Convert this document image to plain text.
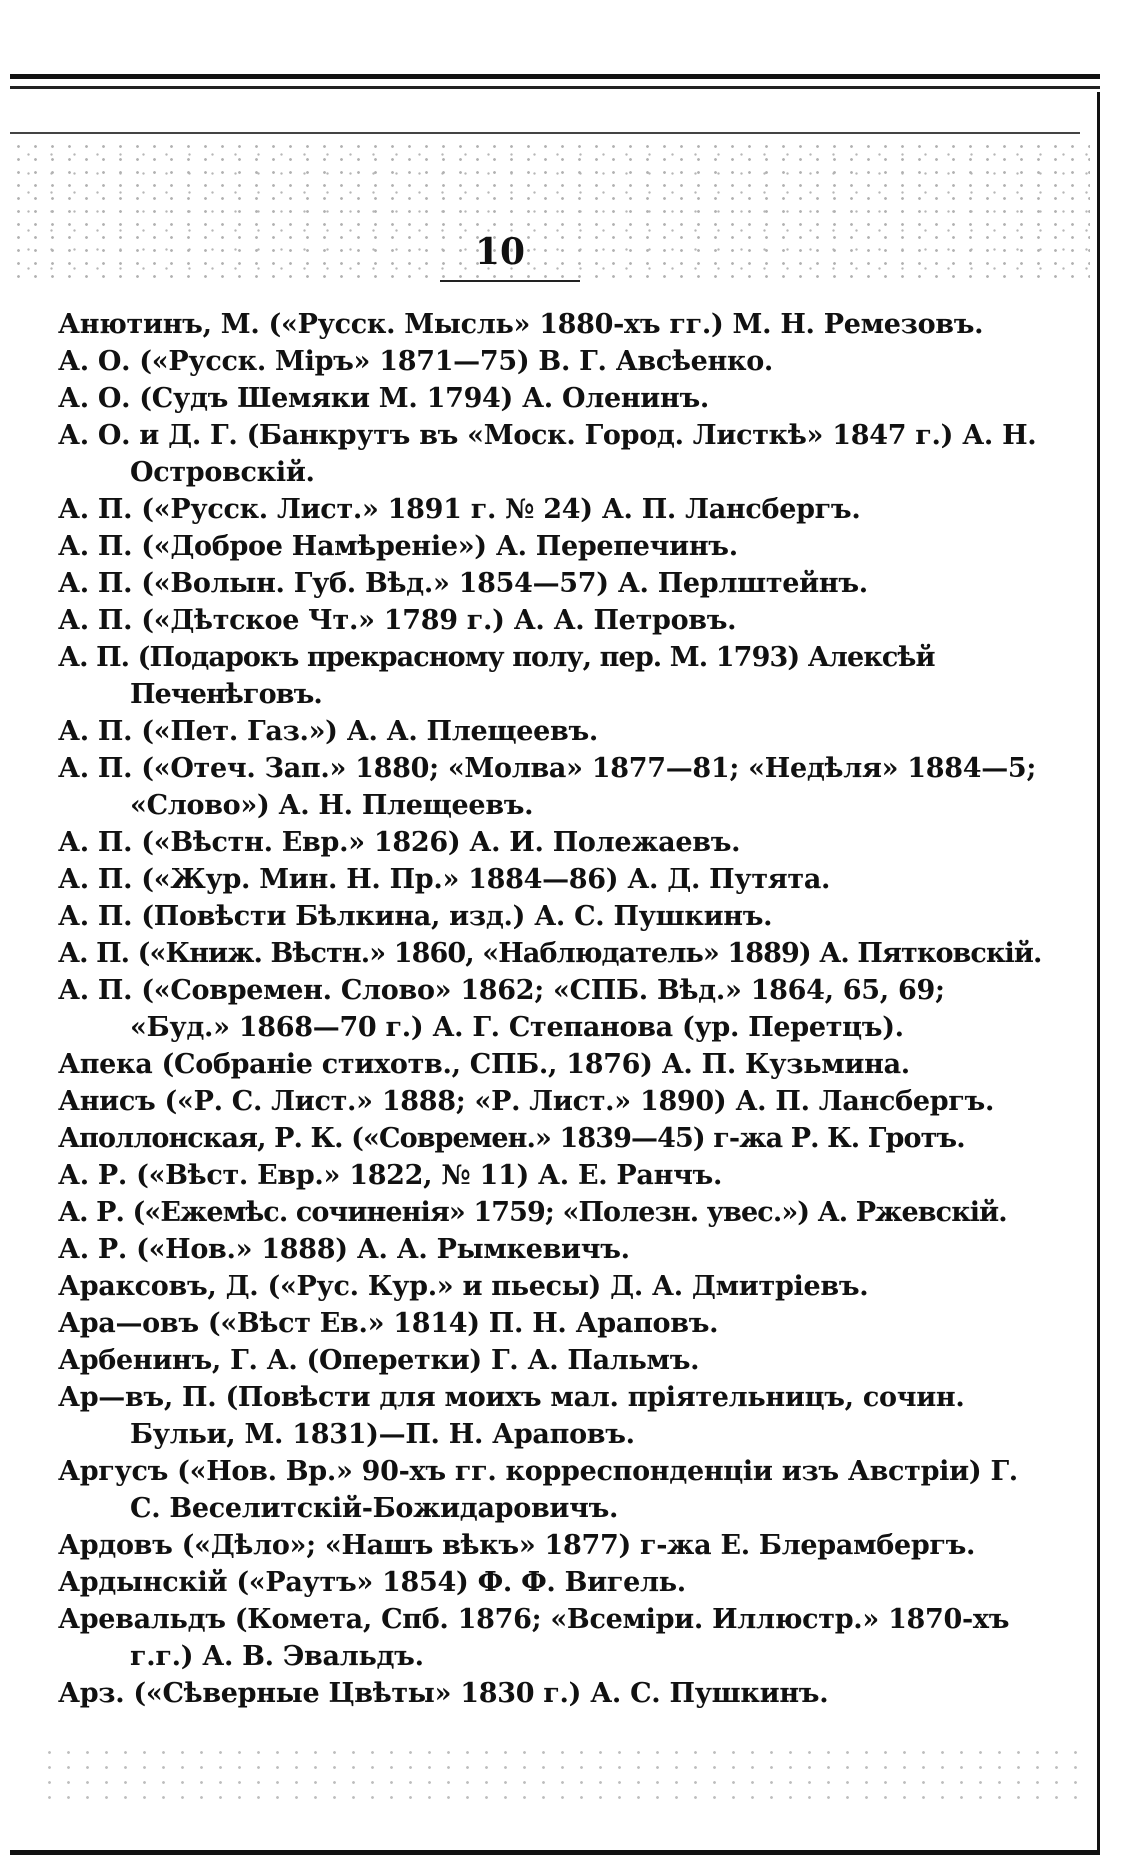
10
Анютинъ, М. («Русск. Мысль» 1880-хъ гг.) М. Н. Ремезовъ.
А. О. («Русск. Міръ» 1871—75) В. Г. Авсѣенко.
А. О. (Судъ Шемяки М. 1794) А. Оленинъ.
А. О. и Д. Г. (Банкрутъ въ «Моск. Город. Листкѣ» 1847 г.) А. Н. Островскій.
А. П. («Русск. Лист.» 1891 г. № 24) А. П. Лансбергъ.
А. П. («Доброе Намѣреніе») А. Перепечинъ.
А. П. («Волын. Губ. Вѣд.» 1854—57) А. Перлштейнъ.
А. П. («Дѣтское Чт.» 1789 г.) А. А. Петровъ.
А. П. (Подарокъ прекрасному полу, пер. М. 1793) Алексѣй Печенѣговъ.
А. П. («Пет. Газ.») А. А. Плещеевъ.
А. П. («Отеч. Зап.» 1880; «Молва» 1877—81; «Недѣля» 1884—5; «Слово») А. Н. Плещеевъ.
А. П. («Вѣстн. Евр.» 1826) А. И. Полежаевъ.
А. П. («Жур. Мин. Н. Пр.» 1884—86) А. Д. Путята.
А. П. (Повѣсти Бѣлкина, изд.) А. С. Пушкинъ.
А. П. («Книж. Вѣстн.» 1860, «Наблюдатель» 1889) А. Пятковскій.
А. П. («Современ. Слово» 1862; «СПБ. Вѣд.» 1864, 65, 69; «Буд.» 1868—70 г.) А. Г. Степанова (ур. Перетцъ).
Апека (Собраніе стихотв., СПБ., 1876) А. П. Кузьмина.
Анисъ («Р. С. Лист.» 1888; «Р. Лист.» 1890) А. П. Лансбергъ.
Аполлонская, Р. К. («Современ.» 1839—45) г-жа Р. К. Гротъ.
А. Р. («Вѣст. Евр.» 1822, № 11) А. Е. Ранчъ.
А. Р. («Ежемѣс. сочиненія» 1759; «Полезн. увес.») А. Ржевскій.
А. Р. («Нов.» 1888) А. А. Рымкевичъ.
Араксовъ, Д. («Рус. Кур.» и пьесы) Д. А. Дмитріевъ.
Ара—овъ («Вѣст Ев.» 1814) П. Н. Араповъ.
Арбенинъ, Г. А. (Оперетки) Г. А. Пальмъ.
Ар—въ, П. (Повѣсти для моихъ мал. пріятельницъ, сочин. Бульи, М. 1831)—П. Н. Араповъ.
Аргусъ («Нов. Вр.» 90-хъ гг. корреспонденціи изъ Австріи) Г. С. Веселитскій-Божидаровичъ.
Ардовъ («Дѣло»; «Нашъ вѣкъ» 1877) г-жа Е. Блерамбергъ.
Ардынскій («Раутъ» 1854) Ф. Ф. Вигель.
Аревальдъ (Комета, Спб. 1876; «Всеміри. Иллюстр.» 1870-хъ г.г.) А. В. Эвальдъ.
Арз. («Сѣверные Цвѣты» 1830 г.) А. С. Пушкинъ.
